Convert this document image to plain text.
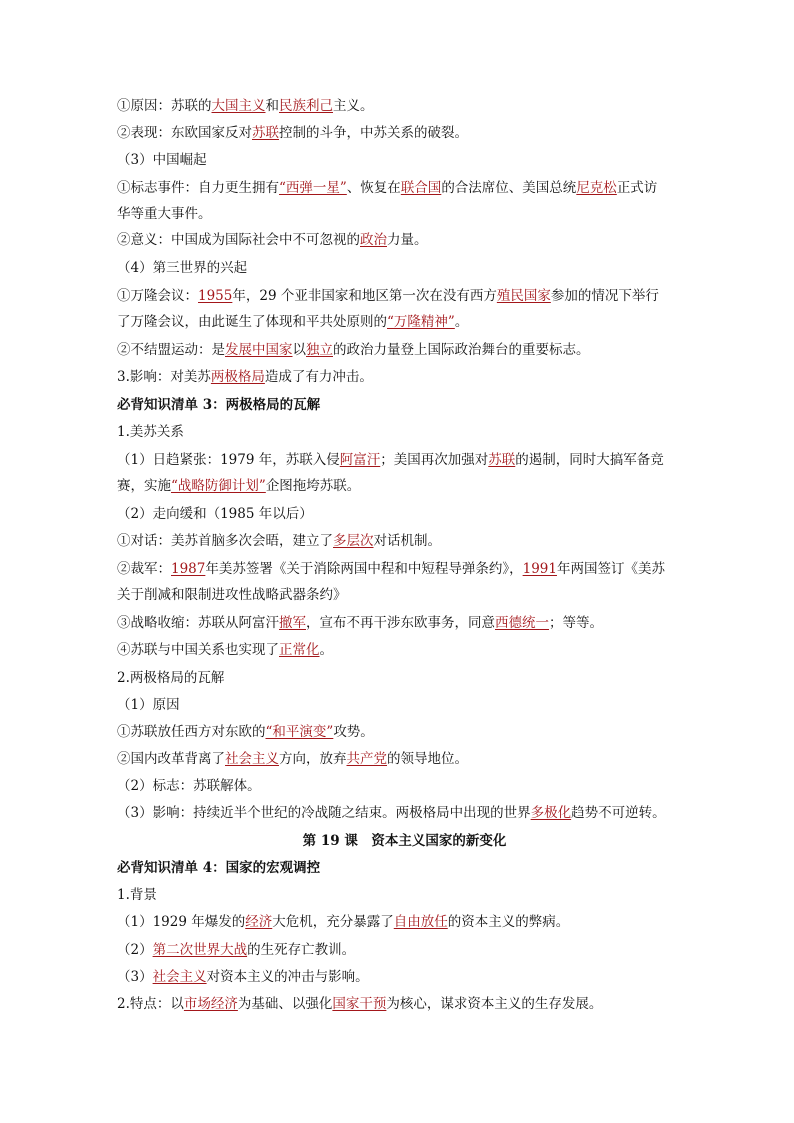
①原因：苏联的大国主义和民族利己主义。
②表现：东欧国家反对苏联控制的斗争，中苏关系的破裂。
（3）中国崛起
①标志事件：自力更生拥有“西弹一星”、恢复在联合国的合法席位、美国总统尼克松正式访
华等重大事件。
②意义：中国成为国际社会中不可忽视的政治力量。
（4）第三世界的兴起
①万隆会议：1955年，29 个亚非国家和地区第一次在没有西方殖民国家参加的情况下举行
了万隆会议，由此诞生了体现和平共处原则的“万隆精神”。
②不结盟运动：是发展中国家以独立的政治力量登上国际政治舞台的重要标志。
3.影响：对美苏两极格局造成了有力冲击。
必背知识清单 3：两极格局的瓦解
1.美苏关系
（1）日趋紧张：1979 年，苏联入侵阿富汗；美国再次加强对苏联的遏制，同时大搞军备竞
赛，实施“战略防御计划”企图拖垮苏联。
（2）走向缓和（1985 年以后）
①对话：美苏首脑多次会晤，建立了多层次对话机制。
②裁军：1987年美苏签署《关于消除两国中程和中短程导弹条约》，1991年两国签订《美苏
关于削减和限制进攻性战略武器条约》
③战略收缩：苏联从阿富汗撤军，宣布不再干涉东欧事务，同意西德统一；等等。
④苏联与中国关系也实现了正常化。
2.两极格局的瓦解
（1）原因
①苏联放任西方对东欧的“和平演变”攻势。
②国内改革背离了社会主义方向，放弃共产党的领导地位。
（2）标志：苏联解体。
（3）影响：持续近半个世纪的冷战随之结束。两极格局中出现的世界多极化趋势不可逆转。
第 19 课　资本主义国家的新变化
必背知识清单 4：国家的宏观调控
1.背景
（1）1929 年爆发的经济大危机，充分暴露了自由放任的资本主义的弊病。
（2）第二次世界大战的生死存亡教训。
（3）社会主义对资本主义的冲击与影响。
2.特点：以市场经济为基础、以强化国家干预为核心，谋求资本主义的生存发展。
